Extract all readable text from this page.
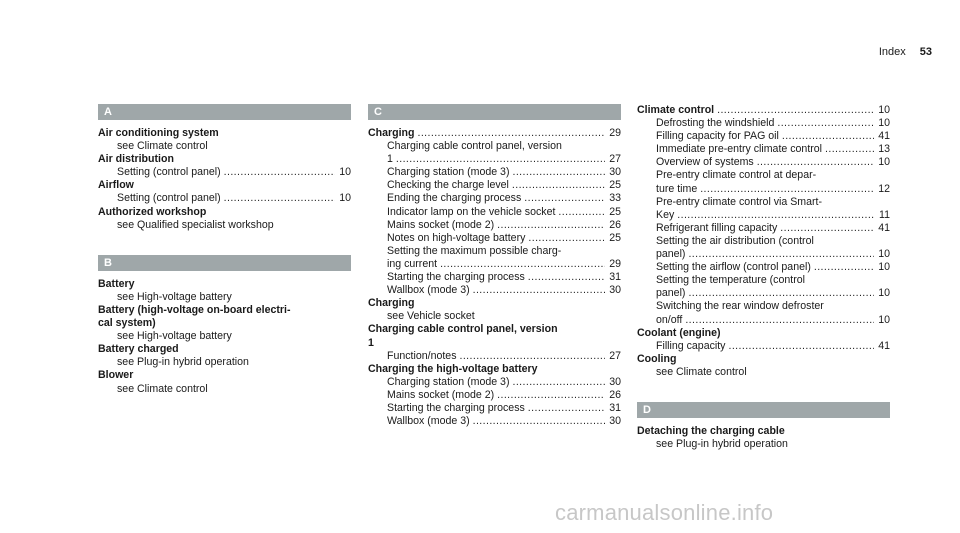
Index 53
A
Air conditioning system
see Climate control
Air distribution
Setting (control panel) .....	10
Airflow
Setting (control panel) .....	10
Authorized workshop
see Qualified specialist workshop
B
Battery
see High-voltage battery
Battery (high-voltage on-board electri-
cal system)
see High-voltage battery
Battery charged
see Plug-in hybrid operation
Blower
see Climate control
C
Charging .....	29
Charging cable control panel, version
1 .....	27
Charging station (mode 3) .....	30
Checking the charge level .....	25
Ending the charging process .....	33
Indicator lamp on the vehicle socket .....	25
Mains socket (mode 2) .....	26
Notes on high-voltage battery .....	25
Setting the maximum possible charg-
ing current .....	29
Starting the charging process .....	31
Wallbox (mode 3) .....	30
Charging
see Vehicle socket
Charging cable control panel, version
1
Function/notes .....	27
Charging the high-voltage battery
Charging station (mode 3) .....	30
Mains socket (mode 2) .....	26
Starting the charging process .....	31
Wallbox (mode 3) .....	30
Climate control .....	10
Defrosting the windshield .....	10
Filling capacity for PAG oil .....	41
Immediate pre-entry climate control .....	13
Overview of systems .....	10
Pre-entry climate control at depar-
ture time .....	12
Pre-entry climate control via Smart-
Key .....	11
Refrigerant filling capacity .....	41
Setting the air distribution (control
panel) .....	10
Setting the airflow (control panel) .....	10
Setting the temperature (control
panel) .....	10
Switching the rear window defroster
on/off .....	10
Coolant (engine)
Filling capacity .....	41
Cooling
see Climate control
D
Detaching the charging cable
see Plug-in hybrid operation
carmanualsonline.info
